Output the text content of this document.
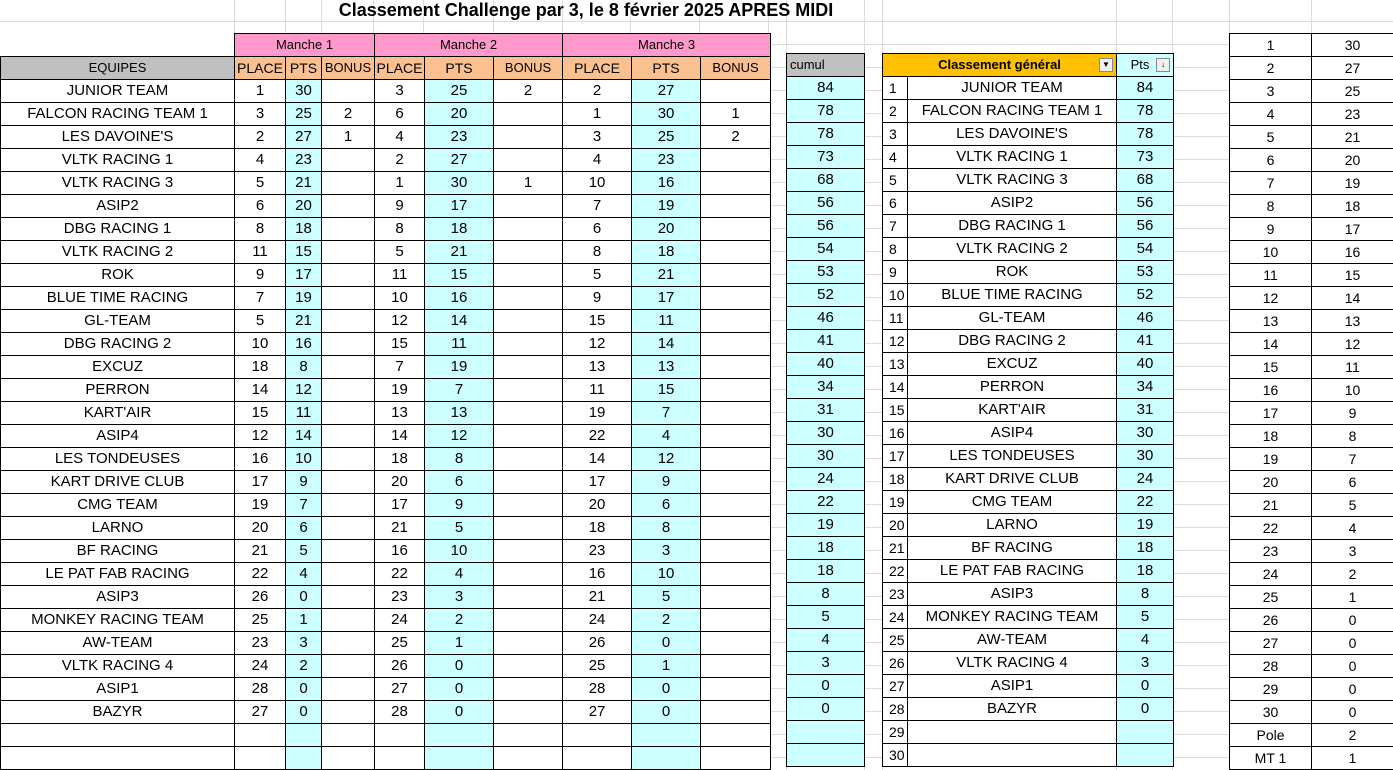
Classement Challenge par 3, le 8 février 2025 APRES MIDI
	Manche 1			Manche 2			Manche 3		
EQUIPES	PLACE	PTS	BONUS	PLACE	PTS	BONUS	PLACE	PTS	BONUS
JUNIOR TEAM	1	30		3	25	2	2	27	
FALCON RACING TEAM 1	3	25	2	6	20		1	30	1
LES DAVOINE'S	2	27	1	4	23		3	25	2
VLTK RACING 1	4	23		2	27		4	23	
VLTK RACING 3	5	21		1	30	1	10	16	
ASIP2	6	20		9	17		7	19	
DBG RACING 1	8	18		8	18		6	20	
VLTK RACING 2	11	15		5	21		8	18	
ROK	9	17		11	15		5	21	
BLUE TIME RACING	7	19		10	16		9	17	
GL-TEAM	5	21		12	14		15	11	
DBG RACING 2	10	16		15	11		12	14	
EXCUZ	18	8		7	19		13	13	
PERRON	14	12		19	7		11	15	
KART'AIR	15	11		13	13		19	7	
ASIP4	12	14		14	12		22	4	
LES TONDEUSES	16	10		18	8		14	12	
KART DRIVE CLUB	17	9		20	6		17	9	
CMG TEAM	19	7		17	9		20	6	
LARNO	20	6		21	5		18	8	
BF RACING	21	5		16	10		23	3	
LE PAT FAB RACING	22	4		22	4		16	10	
ASIP3	26	0		23	3		21	5	
MONKEY RACING TEAM	25	1		24	2		24	2	
AW-TEAM	23	3		25	1		26	0	
VLTK RACING 4	24	2		26	0		25	1	
ASIP1	28	0		27	0		28	0	
BAZYR	27	0		28	0		27	0	

cumul
84
78
78
73
68
56
56
54
53
52
46
41
40
34
31
30
30
24
22
19
18
18
8
5
4
3
0
0

Classement général ▼		Pts ↓

1	JUNIOR TEAM	84
2	FALCON RACING TEAM 1	78
3	LES DAVOINE'S	78
4	VLTK RACING 1	73
5	VLTK RACING 3	68
6	ASIP2	56
7	DBG RACING 1	56
8	VLTK RACING 2	54
9	ROK	53
10	BLUE TIME RACING	52
11	GL-TEAM	46
12	DBG RACING 2	41
13	EXCUZ	40
14	PERRON	34
15	KART'AIR	31
16	ASIP4	30
17	LES TONDEUSES	30
18	KART DRIVE CLUB	24
19	CMG TEAM	22
20	LARNO	19
21	BF RACING	18
22	LE PAT FAB RACING	18
23	ASIP3	8
24	MONKEY RACING TEAM	5
25	AW-TEAM	4
26	VLTK RACING 4	3
27	ASIP1	0
28	BAZYR	0
29		
30		
1	30
2	27
3	25
4	23
5	21
6	20
7	19
8	18
9	17
10	16
11	15
12	14
13	13
14	12
15	11
16	10
17	9
18	8
19	7
20	6
21	5
22	4
23	3
24	2
25	1
26	0
27	0
28	0
29	0
30	0
Pole	2
MT 1	1
